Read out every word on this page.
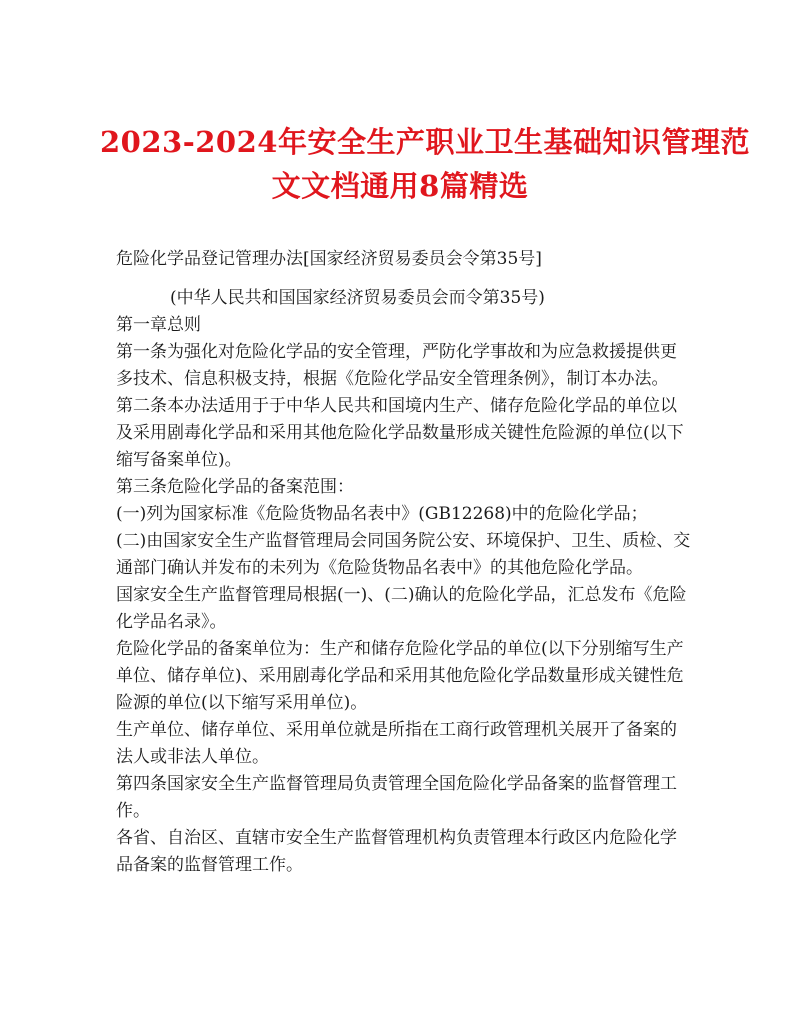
2023-2024年安全生产职业卫生基础知识管理范
文文档通用8篇精选

危险化学品登记管理办法[国家经济贸易委员会令第35号]

(中华人民共和国国家经济贸易委员会而令第35号)

第一章总则

第一条为强化对危险化学品的安全管理，严防化学事故和为应急救援提供更多技术、信息积极支持，根据《危险化学品安全管理条例》，制订本办法。

第二条本办法适用于于中华人民共和国境内生产、储存危险化学品的单位以及采用剧毒化学品和采用其他危险化学品数量形成关键性危险源的单位(以下缩写备案单位)。

第三条危险化学品的备案范围：

(一)列为国家标准《危险货物品名表中》(GB12268)中的危险化学品；

(二)由国家安全生产监督管理局会同国务院公安、环境保护、卫生、质检、交通部门确认并发布的未列为《危险货物品名表中》的其他危险化学品。

国家安全生产监督管理局根据(一)、(二)确认的危险化学品，汇总发布《危险化学品名录》。

危险化学品的备案单位为：生产和储存危险化学品的单位(以下分别缩写生产单位、储存单位)、采用剧毒化学品和采用其他危险化学品数量形成关键性危险源的单位(以下缩写采用单位)。

生产单位、储存单位、采用单位就是所指在工商行政管理机关展开了备案的法人或非法人单位。

第四条国家安全生产监督管理局负责管理全国危险化学品备案的监督管理工作。

各省、自治区、直辖市安全生产监督管理机构负责管理本行政区内危险化学品备案的监督管理工作。
